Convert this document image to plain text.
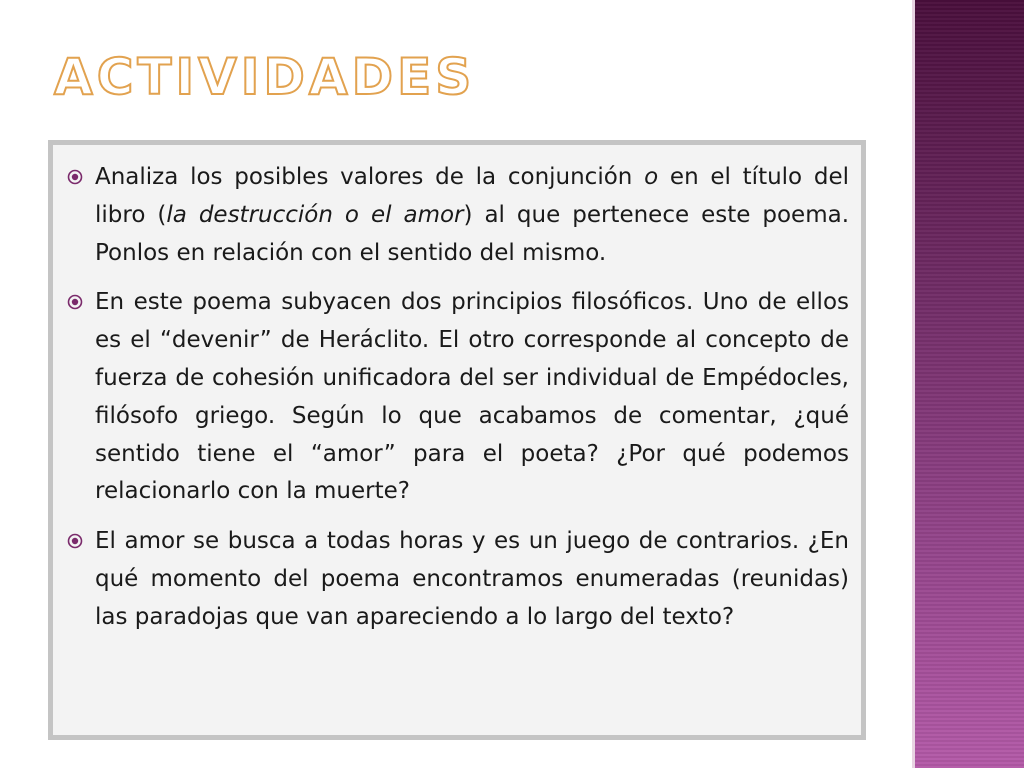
ACTIVIDADES
Analiza los posibles valores de la conjunción o en el título del libro (la destrucción o el amor) al que pertenece este poema. Ponlos en relación con el sentido del mismo.
En este poema subyacen dos principios filosóficos. Uno de ellos es el “devenir” de Heráclito. El otro corresponde al concepto de fuerza de cohesión unificadora del ser individual de Empédocles, filósofo griego. Según lo que acabamos de comentar, ¿qué sentido tiene el “amor” para el poeta? ¿Por qué podemos relacionarlo con la muerte?
El amor se busca a todas horas y es un juego de contrarios. ¿En qué momento del poema encontramos enumeradas (reunidas) las paradojas que van apareciendo a lo largo del texto?
